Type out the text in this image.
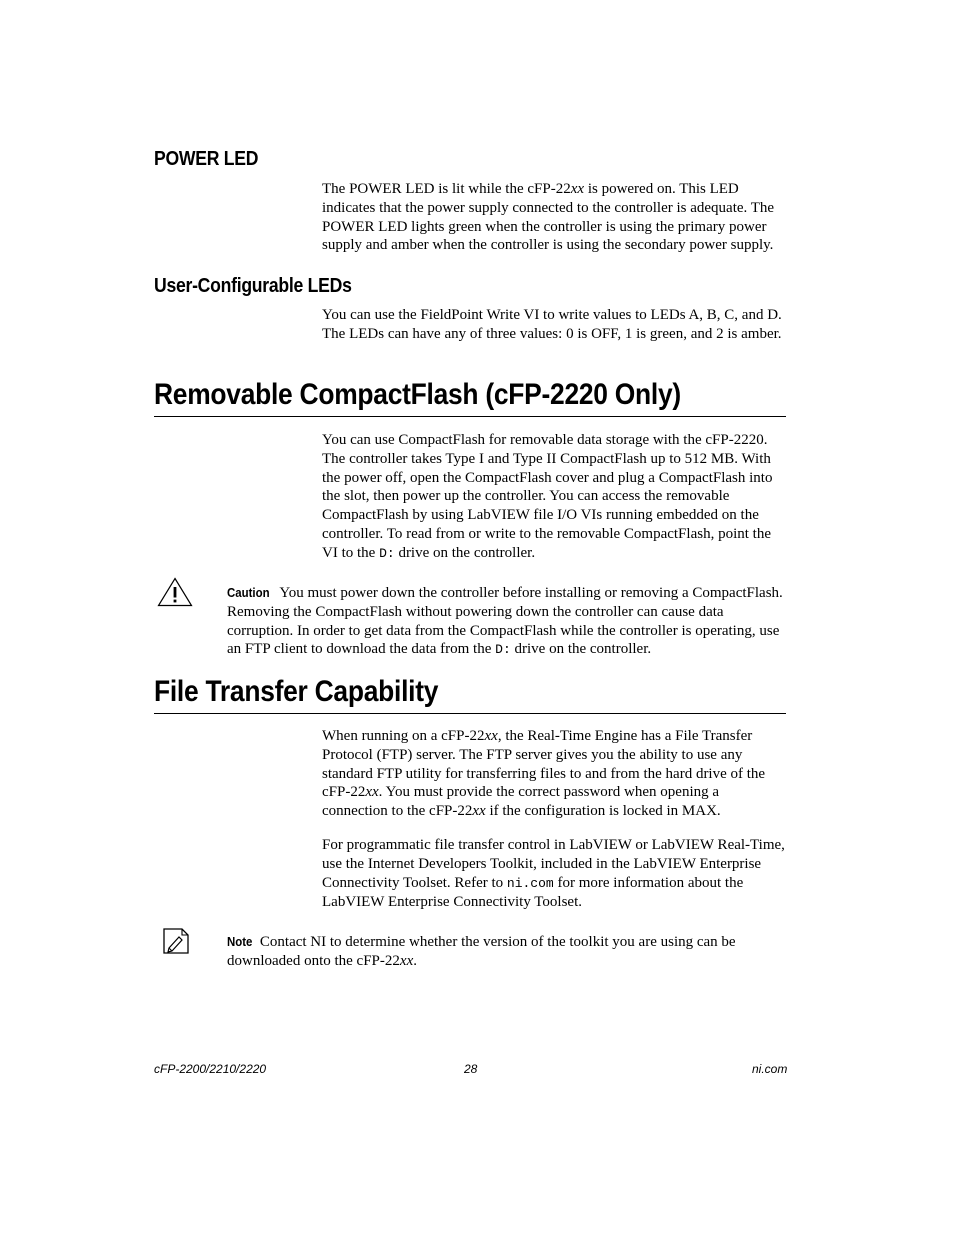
POWER LED

The POWER LED is lit while the cFP-22xx is powered on. This LED indicates that the power supply connected to the controller is adequate. The POWER LED lights green when the controller is using the primary power supply and amber when the controller is using the secondary power supply.

User-Configurable LEDs

You can use the FieldPoint Write VI to write values to LEDs A, B, C, and D. The LEDs can have any of three values: 0 is OFF, 1 is green, and 2 is amber.

Removable CompactFlash (cFP-2220 Only)

You can use CompactFlash for removable data storage with the cFP-2220. The controller takes Type I and Type II CompactFlash up to 512 MB. With the power off, open the CompactFlash cover and plug a CompactFlash into the slot, then power up the controller. You can access the removable CompactFlash by using LabVIEW file I/O VIs running embedded on the controller. To read from or write to the removable CompactFlash, point the VI to the D: drive on the controller.

Caution You must power down the controller before installing or removing a CompactFlash. Removing the CompactFlash without powering down the controller can cause data corruption. In order to get data from the CompactFlash while the controller is operating, use an FTP client to download the data from the D: drive on the controller.

File Transfer Capability

When running on a cFP-22xx, the Real-Time Engine has a File Transfer Protocol (FTP) server. The FTP server gives you the ability to use any standard FTP utility for transferring files to and from the hard drive of the cFP-22xx. You must provide the correct password when opening a connection to the cFP-22xx if the configuration is locked in MAX.

For programmatic file transfer control in LabVIEW or LabVIEW Real-Time, use the Internet Developers Toolkit, included in the LabVIEW Enterprise Connectivity Toolset. Refer to ni.com for more information about the LabVIEW Enterprise Connectivity Toolset.

Note Contact NI to determine whether the version of the toolkit you are using can be downloaded onto the cFP-22xx.

cFP-2200/2210/2220	28	ni.com
